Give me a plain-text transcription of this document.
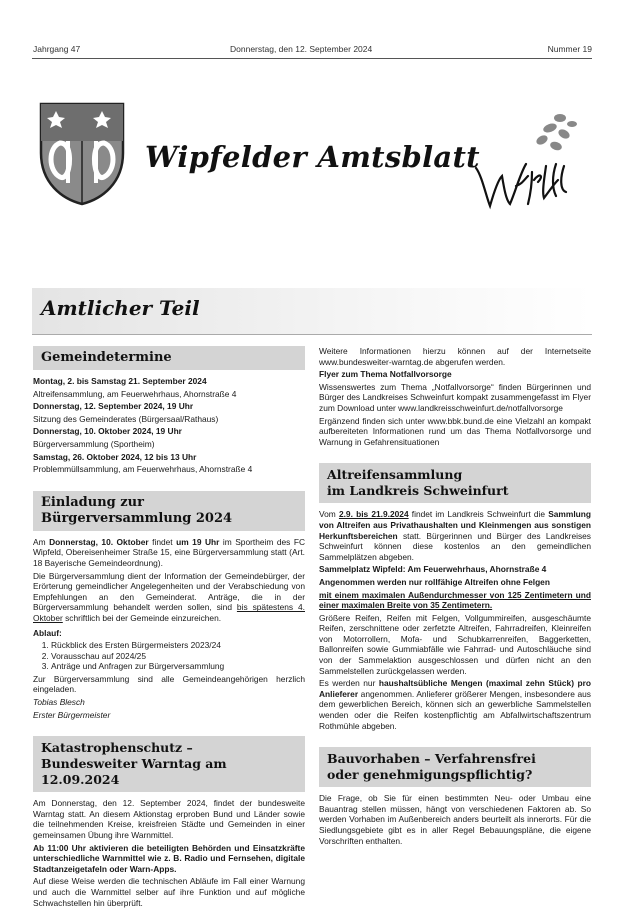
Jahrgang 47	Donnerstag, den 12. September 2024	Nummer 19
Wipfelder Amtsblatt
Amtlicher Teil
Gemeindetermine

Montag, 2. bis Samstag 21. September 2024

Altreifensammlung, am Feuerwehrhaus, Ahornstraße 4

Donnerstag, 12. September 2024, 19 Uhr

Sitzung des Gemeinderates (Bürgersaal/Rathaus)

Donnerstag, 10. Oktober 2024, 19 Uhr

Bürgerversammlung (Sportheim)

Samstag, 26. Oktober 2024, 12 bis 13 Uhr

Problemmüllsammlung, am Feuerwehrhaus, Ahornstraße 4

Einladung zur Bürgerversammlung 2024

Am Donnerstag, 10. Oktober findet um 19 Uhr im Sportheim des FC Wipfeld, Obereisenheimer Straße 15, eine Bürgerversammlung statt (Art. 18 Bayerische Gemeindeordnung).

Die Bürgerversammlung dient der Information der Gemeindebürger, der Erörterung gemeindlicher Angelegenheiten und der Verabschiedung von Empfehlungen an den Gemeinderat. Anträge, die in der Bürgerversammlung behandelt werden sollen, sind bis spätestens 4. Oktober schriftlich bei der Gemeinde einzureichen.

Ablauf:

1. Rückblick des Ersten Bürgermeisters 2023/24
2. Vorausschau auf 2024/25
3. Anträge und Anfragen zur Bürgerversammlung

Zur Bürgerversammlung sind alle Gemeindeangehörigen herzlich eingeladen.

Tobias Blesch

Erster Bürgermeister

Katastrophenschutz –
Bundesweiter Warntag am 12.09.2024

Am Donnerstag, den 12. September 2024, findet der bundesweite Warntag statt. An diesem Aktionstag erproben Bund und Länder sowie die teilnehmenden Kreise, kreisfreien Städte und Gemeinden in einer gemeinsamen Übung ihre Warnmittel.

Ab 11:00 Uhr aktivieren die beteiligten Behörden und Einsatzkräfte unterschiedliche Warnmittel wie z. B. Radio und Fernsehen, digitale Stadtanzeigetafeln oder Warn-Apps.

Auf diese Weise werden die technischen Abläufe im Fall einer Warnung und auch die Warnmittel selber auf ihre Funktion und auf mögliche Schwachstellen hin überprüft.

Weitere Informationen hierzu können auf der Internetseite www.bundesweiter-warntag.de abgerufen werden.

Flyer zum Thema Notfallvorsorge

Wissenswertes zum Thema „Notfallvorsorge“ finden Bürgerinnen und Bürger des Landkreises Schweinfurt kompakt zusammengefasst im Flyer zum Download unter www.landkreisschweinfurt.de/notfallvorsorge

Ergänzend finden sich unter www.bbk.bund.de eine Vielzahl an kompakt aufbereiteten Informationen rund um das Thema Notfallvorsorge und Warnung in Gefahrensituationen

Altreifensammlung
im Landkreis Schweinfurt

Vom 2.9. bis 21.9.2024 findet im Landkreis Schweinfurt die Sammlung von Altreifen aus Privathaushalten und Kleinmengen aus sonstigen Herkunftsbereichen statt. Bürgerinnen und Bürger des Landkreises Schweinfurt können diese kostenlos an den gemeindlichen Sammelplätzen abgeben.

Sammelplatz Wipfeld: Am Feuerwehrhaus, Ahornstraße 4

Angenommen werden nur rollfähige Altreifen ohne Felgen

mit einem maximalen Außendurchmesser von 125 Zentimetern und einer maximalen Breite von 35 Zentimetern.

Größere Reifen, Reifen mit Felgen, Vollgummireifen, ausgeschäumte Reifen, zerschnittene oder zerfetzte Altreifen, Fahrradreifen, Kleinreifen von Motorrollern, Mofa- und Schubkarrenreifen, Baggerketten, Ballonreifen sowie Gummiabfälle wie Fahrrad- und Autoschläuche sind von der Sammelaktion ausgeschlossen und dürfen nicht an den Sammelstellen zurückgelassen werden.

Es werden nur haushaltsübliche Mengen (maximal zehn Stück) pro Anlieferer angenommen. Anlieferer größerer Mengen, insbesondere aus dem gewerblichen Bereich, können sich an gewerbliche Sammelstellen wenden oder die Reifen kostenpflichtig am Abfallwirtschaftszentrum Rothmühle abgeben.

Bauvorhaben – Verfahrensfrei
oder genehmigungspflichtig?

Die Frage, ob Sie für einen bestimmten Neu- oder Umbau eine Bauantrag stellen müssen, hängt von verschiedenen Faktoren ab. So werden Vorhaben im Außenbereich anders beurteilt als innerorts. Für die Siedlungsgebiete gibt es in aller Regel Bebauungspläne, die eigene Vorschriften enthalten.
